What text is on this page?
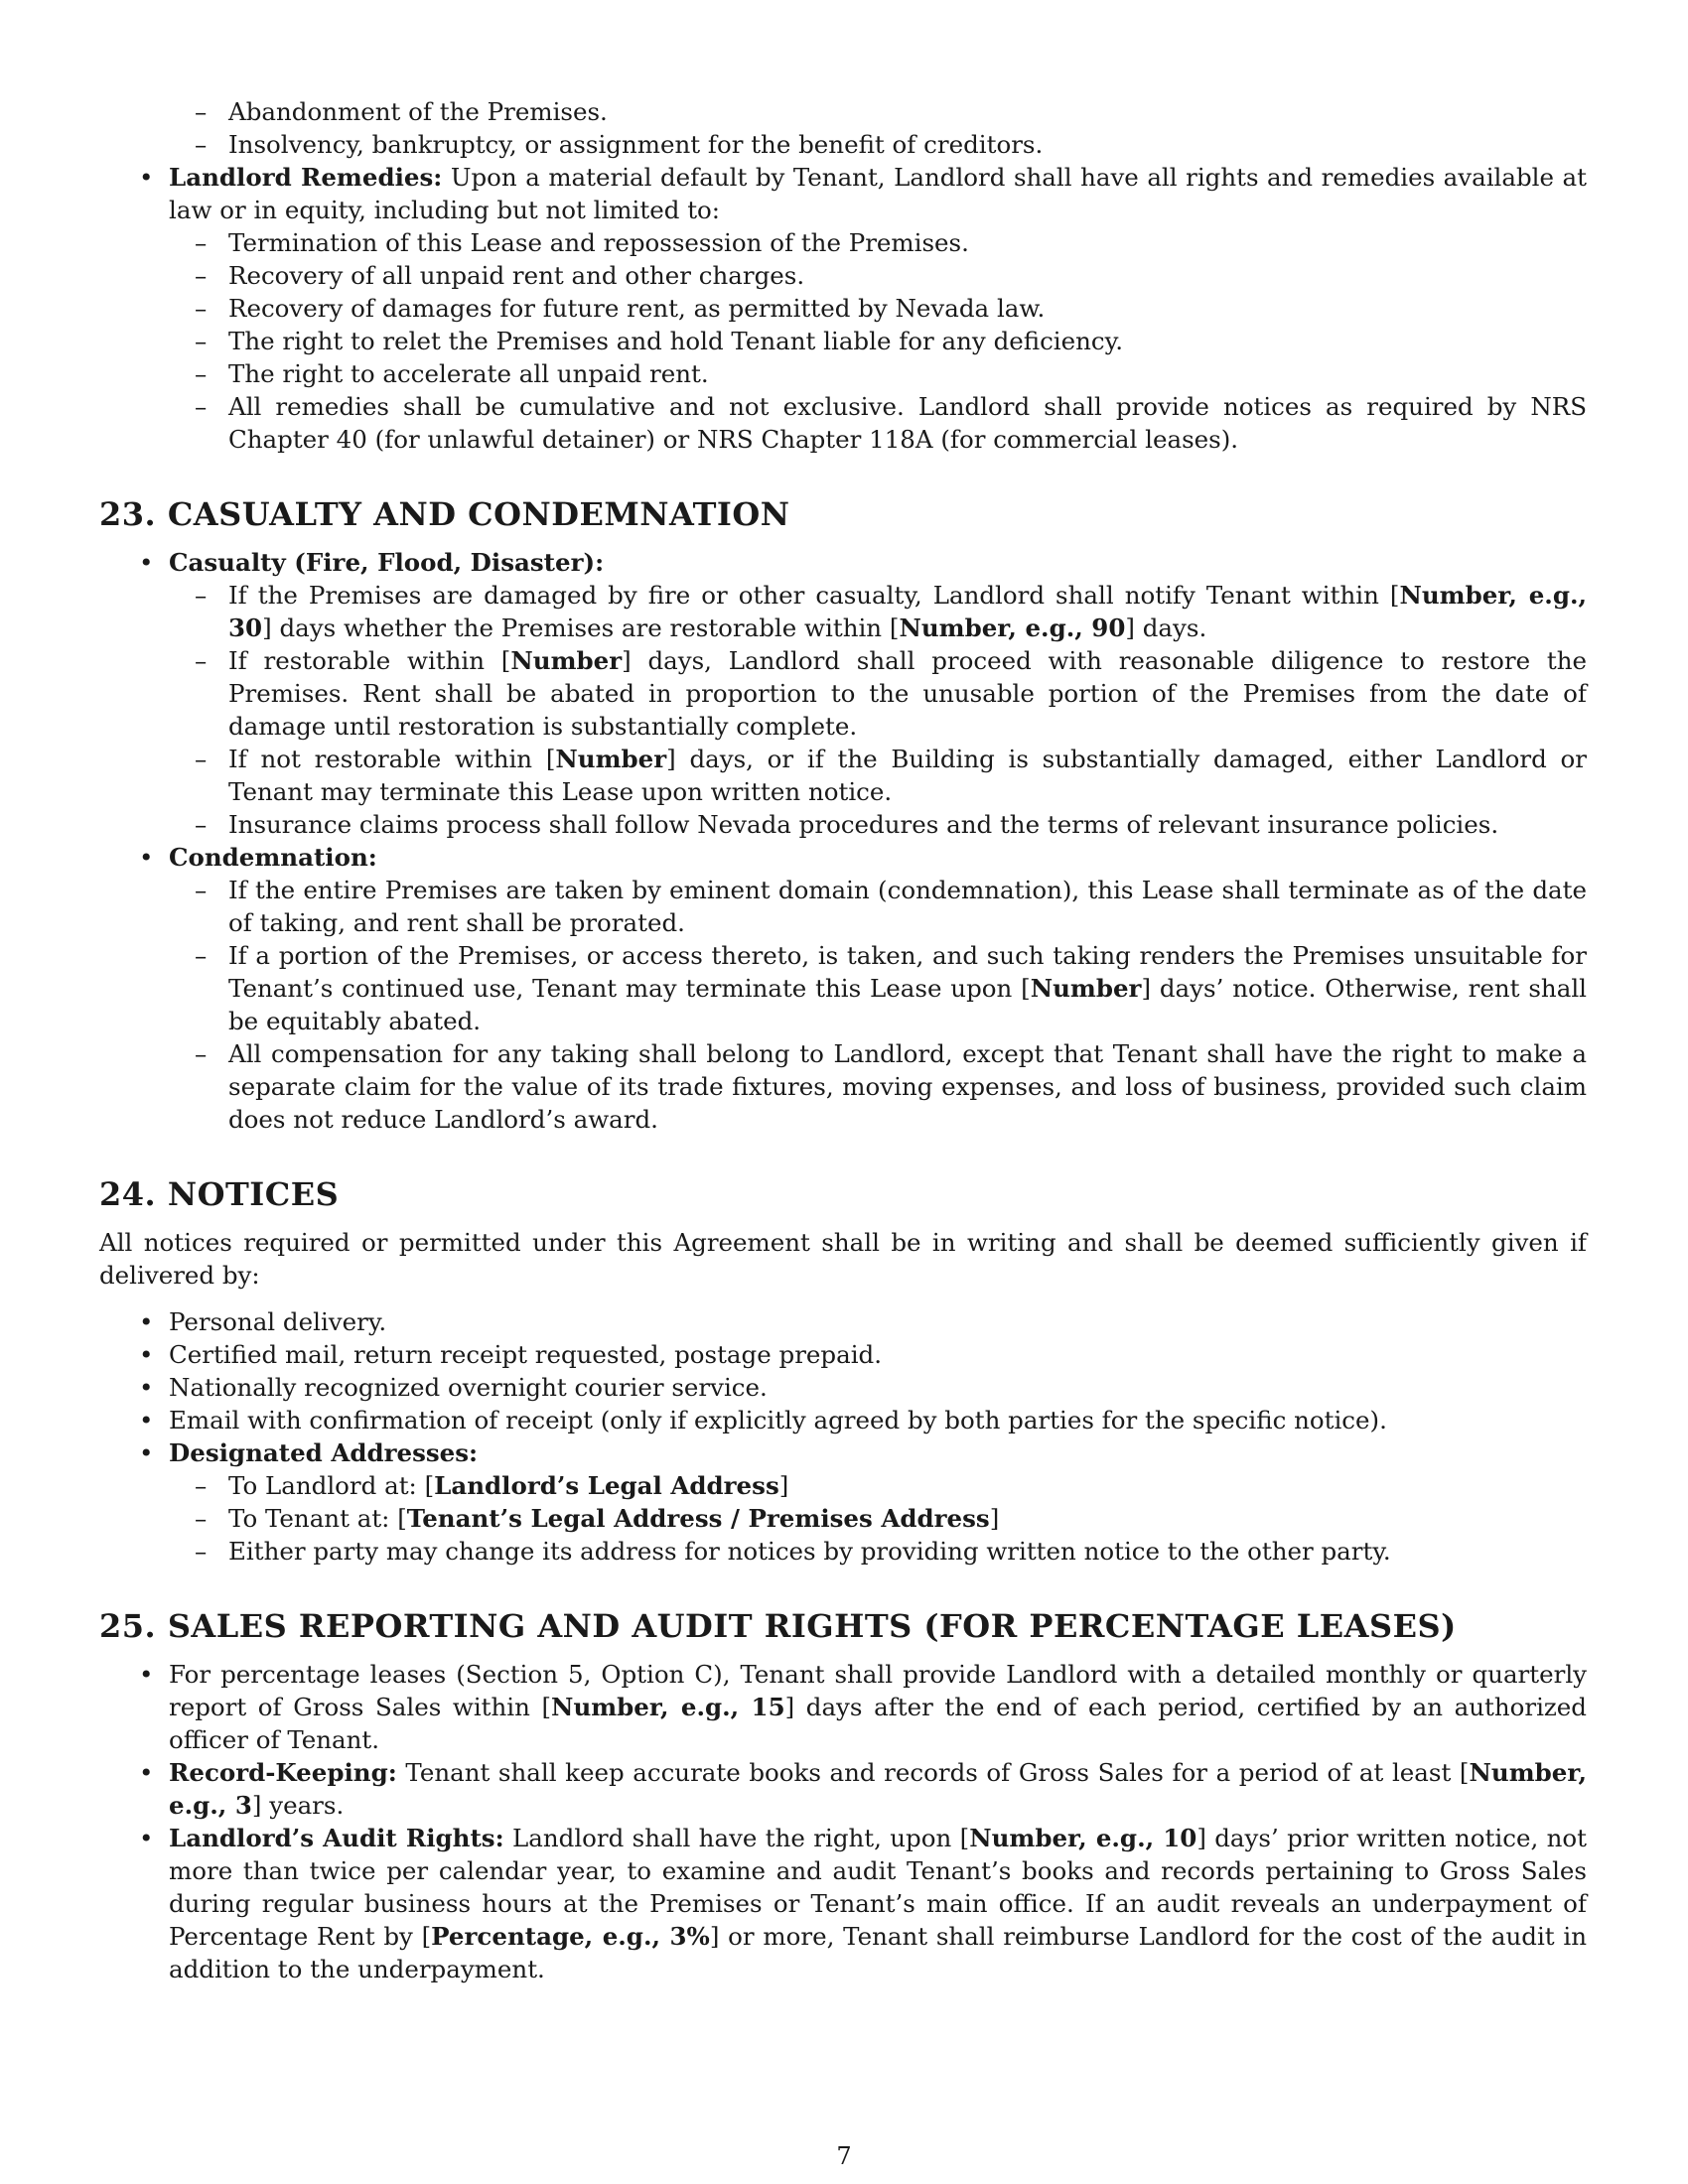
– Abandonment of the Premises.
– Insolvency, bankruptcy, or assignment for the benefit of creditors.
• Landlord Remedies: Upon a material default by Tenant, Landlord shall have all rights and remedies available at law or in equity, including but not limited to:
– Termination of this Lease and repossession of the Premises.
– Recovery of all unpaid rent and other charges.
– Recovery of damages for future rent, as permitted by Nevada law.
– The right to relet the Premises and hold Tenant liable for any deficiency.
– The right to accelerate all unpaid rent.
– All remedies shall be cumulative and not exclusive. Landlord shall provide notices as required by NRS Chapter 40 (for unlawful detainer) or NRS Chapter 118A (for commercial leases).
23. CASUALTY AND CONDEMNATION
• Casualty (Fire, Flood, Disaster):
– If the Premises are damaged by fire or other casualty, Landlord shall notify Tenant within [Number, e.g., 30] days whether the Premises are restorable within [Number, e.g., 90] days.
– If restorable within [Number] days, Landlord shall proceed with reasonable diligence to restore the Premises. Rent shall be abated in proportion to the unusable portion of the Premises from the date of damage until restoration is substantially complete.
– If not restorable within [Number] days, or if the Building is substantially damaged, either Landlord or Tenant may terminate this Lease upon written notice.
– Insurance claims process shall follow Nevada procedures and the terms of relevant insurance policies.
• Condemnation:
– If the entire Premises are taken by eminent domain (condemnation), this Lease shall terminate as of the date of taking, and rent shall be prorated.
– If a portion of the Premises, or access thereto, is taken, and such taking renders the Premises unsuitable for Tenant’s continued use, Tenant may terminate this Lease upon [Number] days’ notice. Otherwise, rent shall be equitably abated.
– All compensation for any taking shall belong to Landlord, except that Tenant shall have the right to make a separate claim for the value of its trade fixtures, moving expenses, and loss of business, provided such claim does not reduce Landlord’s award.
24. NOTICES

All notices required or permitted under this Agreement shall be in writing and shall be deemed sufficiently given if delivered by:

• Personal delivery.
• Certified mail, return receipt requested, postage prepaid.
• Nationally recognized overnight courier service.
• Email with confirmation of receipt (only if explicitly agreed by both parties for the specific notice).
• Designated Addresses:
– To Landlord at: [Landlord’s Legal Address]
– To Tenant at: [Tenant’s Legal Address / Premises Address]
– Either party may change its address for notices by providing written notice to the other party.
25. SALES REPORTING AND AUDIT RIGHTS (FOR PERCENTAGE LEASES)
• For percentage leases (Section 5, Option C), Tenant shall provide Landlord with a detailed monthly or quarterly report of Gross Sales within [Number, e.g., 15] days after the end of each period, certified by an authorized officer of Tenant.
• Record-Keeping: Tenant shall keep accurate books and records of Gross Sales for a period of at least [Number, e.g., 3] years.
• Landlord’s Audit Rights: Landlord shall have the right, upon [Number, e.g., 10] days’ prior written notice, not more than twice per calendar year, to examine and audit Tenant’s books and records pertaining to Gross Sales during regular business hours at the Premises or Tenant’s main office. If an audit reveals an underpayment of Percentage Rent by [Percentage, e.g., 3%] or more, Tenant shall reimburse Landlord for the cost of the audit in addition to the underpayment.
7
